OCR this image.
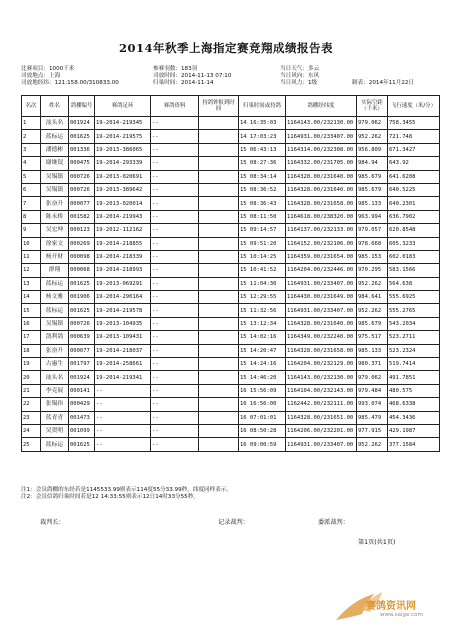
2014年秋季上海指定赛竞翔成绩报告表
比赛项目：1000千米
司放地点：上海
司放地经纬：121:158.00/310833.00
参赛羽数：183羽
司放时间：2014-11-13 07:10
归巢时间：2014-11-14
当日天气：多云
当日风向：东风
当日风力：1级	制表：2014年11月22日
名次	姓名	鸽棚编号	赛鸽足环	赛鸽资料	持鸽钟报到时间	归巢时间或持鸽	鸽棚经纬度	实际空距（千米）	飞行速度（米/分）
1	汕头名	001924	19-2014-219345	--		14 16:35:03	1164143.00/232130.00	979.062	758.3455
2	蓝标运	001625	19-2014-219575	--		14 17:03:23	1164931.00/233407.00	952.262	721.748
3	潘德彬	001336	19-2013-386065	--		15 06:43:13	1164314.00/232308.00	956.809	671.3427
4	谢继钗	000475	19-2014-293339	--		15 08:27:36	1164332.00/231705.00	984.94	643.92
5	吴锡镇	000726	19-2013-020691	--		15 08:34:14	1164328.00/231640.00	985.679	641.6208
6	吴锡镇	000726	19-2013-389642	--		15 08:36:52	1164328.00/231640.00	985.679	640.5225
7	张奋升	000077	19-2013-020014	--		15 08:36:43	1164328.00/231658.00	985.133	640.2301
8	陈永桥	001582	19-2014-219943	--		15 08:11:50	1164618.00/238320.00	963.994	636.7902
9	吴宏坤	000123	19-2012-112162	--		15 09:14:57	1164137.00/232133.00	979.057	620.8548
10	徐家文	000269	19-2014-218855	--		15 09:51:20	1164152.00/232106.00	978.668	605.3233
11	杨开财	000098	19-2014-218339	--		15 10:14:25	1164359.00/231654.00	985.153	602.0183
12	群翔	000068	19-2014-218993	--		15 10:41:52	1164204.00/232446.00	970.295	583.1566
13	蓝标运	001625	19-2013-069291	--		15 11:04:30	1164931.00/233407.00	952.262	564.638
14	杨文雅	001906	19-2014-290164	--		15 12:29:55	1164430.00/231649.00	984.641	555.6925
15	蓝标运	001625	19-2014-219578	--		15 11:32:56	1164931.00/233407.00	952.262	555.2765
16	吴锡镇	000726	19-2013-104935	--		15 13:12:34	1164328.00/231640.00	985.679	543.2034
17	凯利鸽	000639	19-2013-109431	--		15 14:02:16	1164349.00/232240.00	975.517	523.2711
18	张奋升	000077	19-2014-218037	--		15 14:20:47	1164328.00/231658.00	985.133	523.2324
19	古惠生	001797	19-2014-258661	--		15 14:24:16	1164204.00/232129.00	980.371	519.7414
20	汕头名	001924	19-2014-219341	--		15 14:46:20	1164143.00/232130.00	979.062	491.7851
21	李克展	000141	--	--		16 15:56:09	1164104.00/232143.00	979.484	480.575
22	张锡伟	000429	--	--		16 16:56:00	1162442.00/232111.00	993.074	468.6338
23	蓝青青	001473	--	--		16 07:01:01	1164328.00/231651.00	985.479	454.3436
24	吴贺明	001099	--	--		16 08:50:28	1164206.00/232201.00	977.915	429.1987
25	蓝标运	001625	--	--		16 09:00:59	1164931.00/233407.00	952.262	377.1584
注1：会员鸽棚的东经若是1145533.99则表示114度55分33.99秒，纬度同样表示。
注2：会员信鸽归巢时间若是12 14:33:55则表示12日14时33分55秒。
裁判长：	记录裁判：	委派裁判：
第1页(共1页)
赛鸽资讯网
www.saige.com
